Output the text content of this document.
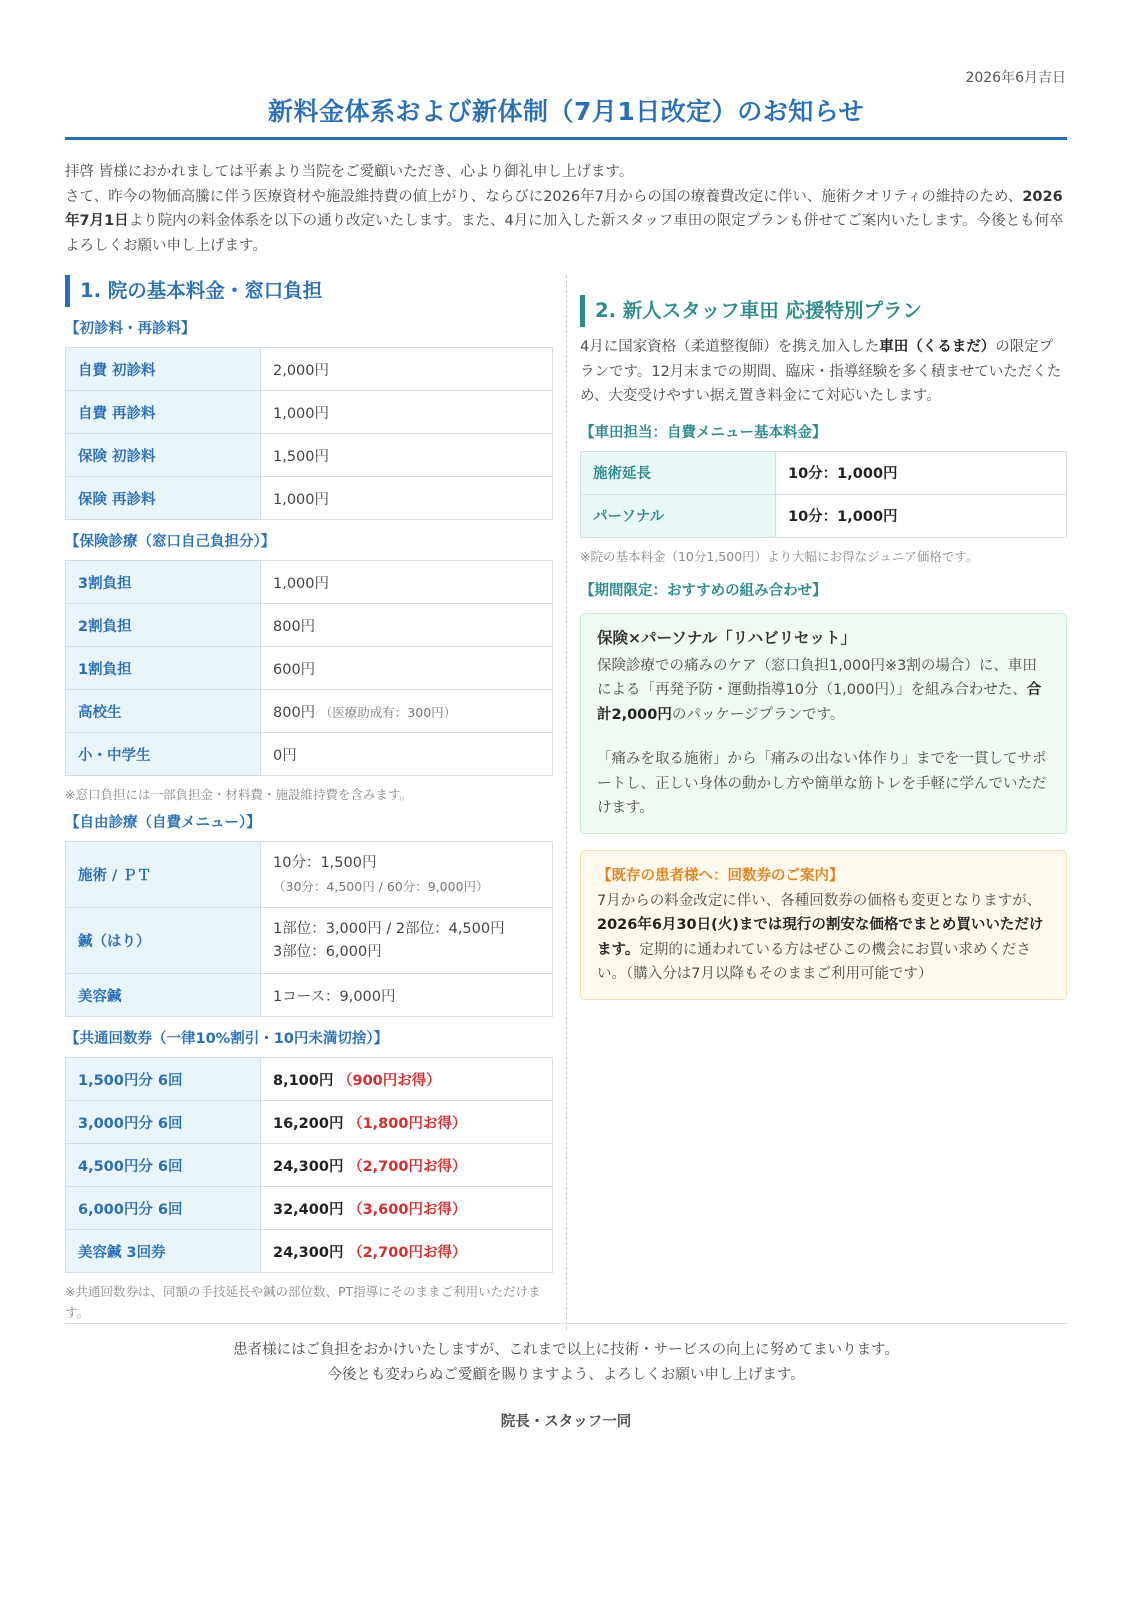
2026年6月吉日
新料金体系および新体制（7月1日改定）のお知らせ
拝啓 皆様におかれましては平素より当院をご愛顧いただき、心より御礼申し上げます。
さて、昨今の物価高騰に伴う医療資材や施設維持費の値上がり、ならびに2026年7月からの国の療養費改定に伴い、施術クオリティの維持のため、2026年7月1日より院内の料金体系を以下の通り改定いたします。また、4月に加入した新スタッフ車田の限定プランも併せてご案内いたします。今後とも何卒よろしくお願い申し上げます。
1. 院の基本料金・窓口負担
【初診料・再診料】
自費 初診料	2,000円
自費 再診料	1,000円
保険 初診料	1,500円
保険 再診料	1,000円
【保険診療（窓口自己負担分）】
3割負担	1,000円
2割負担	800円
1割負担	600円
高校生	800円 （医療助成有：300円）
小・中学生	0円
※窓口負担には一部負担金・材料費・施設維持費を含みます。
【自由診療（自費メニュー）】
施術 / ＰＴ	10分：1,500円
（30分：4,500円 / 60分：9,000円）

鍼（はり）	1部位：3,000円 / 2部位：4,500円
3部位：6,000円

美容鍼	1コース：9,000円
【共通回数券（一律10%割引・10円未満切捨）】
1,500円分 6回	8,100円 （900円お得）
3,000円分 6回	16,200円 （1,800円お得）
4,500円分 6回	24,300円 （2,700円お得）
6,000円分 6回	32,400円 （3,600円お得）
美容鍼 3回券	24,300円 （2,700円お得）
※共通回数券は、同額の手技延長や鍼の部位数、PT指導にそのままご利用いただけます。
2. 新人スタッフ車田 応援特別プラン
4月に国家資格（柔道整復師）を携え加入した車田（くるまだ）の限定プランです。12月末までの期間、臨床・指導経験を多く積ませていただくため、大変受けやすい据え置き料金にて対応いたします。
【車田担当：自費メニュー基本料金】
施術延長	10分：1,000円
パーソナル	10分：1,000円
※院の基本料金（10分1,500円）より大幅にお得なジュニア価格です。
【期間限定：おすすめの組み合わせ】
保険×パーソナル「リハビリセット」

保険診療での痛みのケア（窓口負担1,000円※3割の場合）に、車田による「再発予防・運動指導10分（1,000円）」を組み合わせた、合計2,000円のパッケージプランです。

「痛みを取る施術」から「痛みの出ない体作り」までを一貫してサポートし、正しい身体の動かし方や簡単な筋トレを手軽に学んでいただけます。

【既存の患者様へ：回数券のご案内】

7月からの料金改定に伴い、各種回数券の価格も変更となりますが、2026年6月30日(火)までは現行の割安な価格でまとめ買いいただけます。定期的に通われている方はぜひこの機会にお買い求めください。（購入分は7月以降もそのままご利用可能です）

患者様にはご負担をおかけいたしますが、これまで以上に技術・サービスの向上に努めてまいります。
今後とも変わらぬご愛顧を賜りますよう、よろしくお願い申し上げます。
院長・スタッフ一同
